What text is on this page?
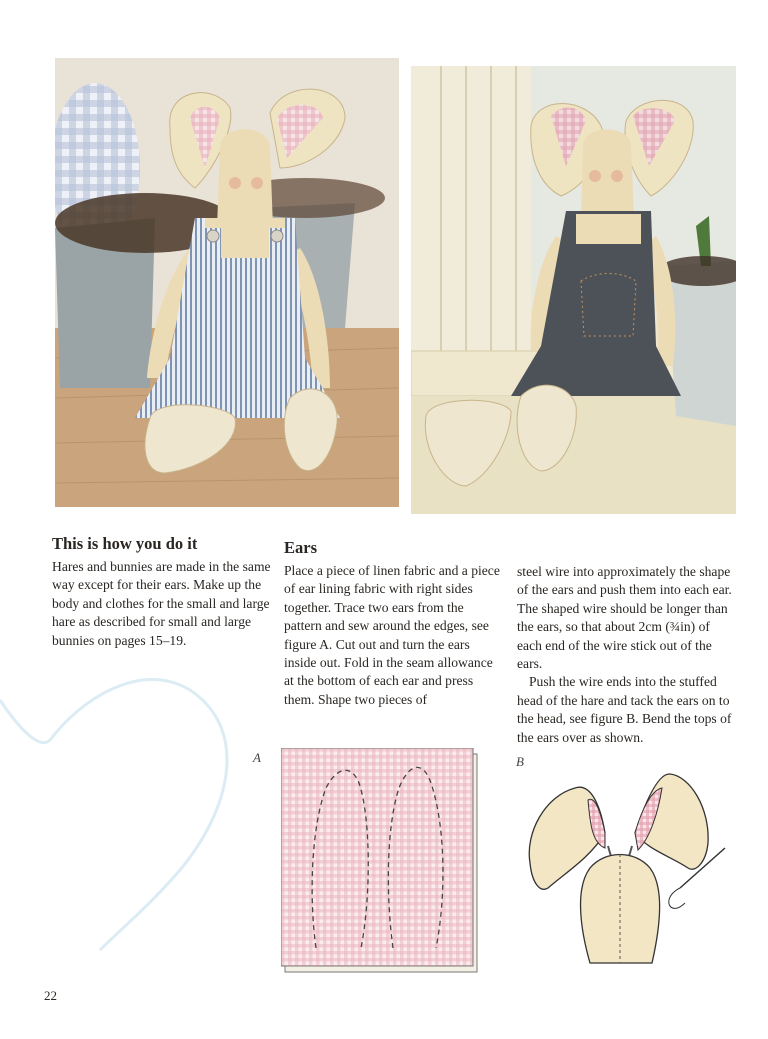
This is how you do it

Hares and bunnies are made in the same way except for their ears. Make up the body and clothes for the small and large hare as described for small and large bunnies on pages 15–19.

Ears

Place a piece of linen fabric and a piece of ear lining fabric with right sides together. Trace two ears from the pattern and sew around the edges, see figure A. Cut out and turn the ears inside out. Fold in the seam allowance at the bottom of each ear and press them. Shape two pieces of

steel wire into approximately the shape of the ears and push them into each ear. The shaped wire should be longer than the ears, so that about 2cm (¾in) of each end of the wire stick out of the ears.

Push the wire ends into the stuffed head of the hare and tack the ears on to the head, see figure B. Bend the tops of the ears over as shown.

A	B
22
